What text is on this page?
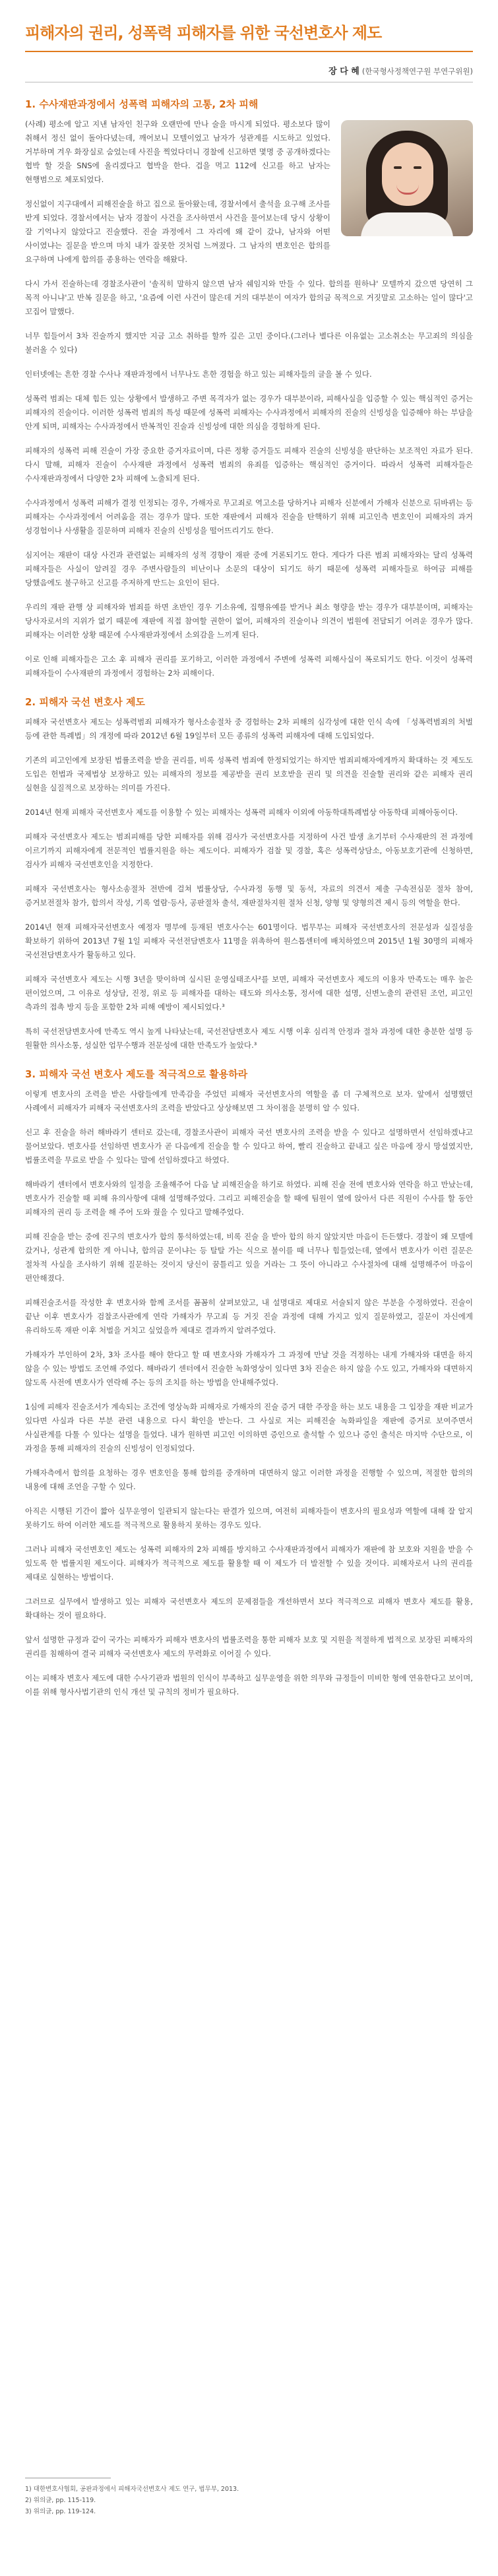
피해자의 권리, 성폭력 피해자를 위한 국선변호사 제도
장 다 혜 (한국형사정책연구원 부연구위원)
1. 수사재판과정에서 성폭력 피해자의 고통, 2차 피해

(사례) 평소에 알고 지낸 남자인 친구와 오랜만에 만나 술을 마시게 되었다. 평소보다 많이 취해서 정신 없이 돌아다녔는데, 깨어보니 모텔이었고 남자가 성관계를 시도하고 있었다. 거부하며 겨우 화장실로 숨었는데 사진을 찍었다더니 경찰에 신고하면 몇명 중 공개하겠다는 협박 할 것을 SNS에 올리겠다고 협박을 한다. 겁을 먹고 112에 신고를 하고 남자는 현행범으로 체포되었다.

정신없이 지구대에서 피해진술을 하고 집으로 돌아왔는데, 경찰서에서 출석을 요구해 조사를 받게 되었다. 경찰서에서는 남자 경찰이 사건을 조사하면서 사건을 물어보는데 당시 상황이 잘 기억나지 않았다고 진술했다. 진술 과정에서 그 자리에 왜 같이 갔냐, 남자와 어떤 사이였냐는 질문을 받으며 마치 내가 잘못한 것처럼 느껴졌다. 그 남자의 변호인은 합의를 요구하며 나에게 합의를 종용하는 연락을 해왔다.

다시 가서 진술하는데 경찰조사관이 '솔직히 말하지 않으면 남자 쉐임지와 만들 수 있다. 합의를 원하냐' 모텔까지 갔으면 당연히 그 목적 아니냐'고 반복 질문을 하고, '요즘에 이런 사건이 많은데 거의 대부분이 여자가 합의금 목적으로 거짓말로 고소하는 일이 많다'고 꼬집어 말했다.

너무 힘들어서 3차 진술까지 했지만 지금 고소 취하를 할까 깊은 고민 중이다.(그러나 별다른 이유없는 고소취소는 무고죄의 의심을 불러올 수 있다)

인터넷에는 흔한 경찰 수사나 재판과정에서 너무나도 흔한 경험을 하고 있는 피해자들의 글을 볼 수 있다.

성폭력 범죄는 대체 힘든 있는 상황에서 발생하고 주변 목격자가 없는 경우가 대부분이라, 피해사실을 입증할 수 있는 핵심적인 증거는 피해자의 진술이다. 이러한 성폭력 범죄의 특성 때문에 성폭력 피해자는 수사과정에서 피해자의 진술의 신빙성을 입증해야 하는 부담을 안게 되며, 피해자는 수사과정에서 반복적인 진술과 신빙성에 대한 의심을 경험하게 된다.

피해자의 성폭력 피해 진술이 가장 중요한 증거자료이며, 다른 정황 증거들도 피해자 진술의 신빙성을 판단하는 보조적인 자료가 된다. 다시 말해, 피해자 진술이 수사재판 과정에서 성폭력 범죄의 유죄를 입증하는 핵심적인 증거이다. 따라서 성폭력 피해자들은 수사재판과정에서 다양한 2차 피해에 노출되게 된다.

수사과정에서 성폭력 피해가 결정 인정되는 경우, 가해자로 무고죄로 역고소를 당하거나 피해자 신분에서 가해자 신분으로 뒤바뀌는 등 피해자는 수사과정에서 어려움을 겪는 경우가 많다. 또한 재판에서 피해자 진술을 탄핵하기 위해 피고인측 변호인이 피해자의 과거 성경험이나 사생활을 질문하며 피해자 진술의 신빙성을 떨어뜨리기도 한다.

심지어는 재판이 대상 사건과 관련없는 피해자의 성적 경향이 재판 중에 거론되기도 한다. 게다가 다른 범죄 피해자와는 달리 성폭력 피해자들은 사실이 알려질 경우 주변사람들의 비난이나 소문의 대상이 되기도 하기 때문에 성폭력 피해자들로 하여금 피해를 당했음에도 불구하고 신고를 주저하게 만드는 요인이 된다.

우리의 재판 관행 상 피해자와 범죄를 하면 초반인 경우 기소유예, 집행유예를 받거나 최소 형량을 받는 경우가 대부분이며, 피해자는 당사자로서의 지위가 없기 때문에 재판에 직접 참여할 권한이 없어, 피해자의 진술이나 의견이 법원에 전달되기 어려운 경우가 많다. 피해자는 이러한 상황 때문에 수사재판과정에서 소외감을 느끼게 된다.

이로 인해 피해자들은 고소 후 피해자 권리를 포기하고, 이러한 과정에서 주변에 성폭력 피해사실이 폭로되기도 한다. 이것이 성폭력 피해자들이 수사재판의 과정에서 경험하는 2차 피해이다.

2. 피해자 국선 변호사 제도

피해자 국선변호사 제도는 성폭력범죄 피해자가 형사소송절차 중 경험하는 2차 피해의 심각성에 대한 인식 속에 「성폭력범죄의 처벌 등에 관한 특례법」의 개정에 따라 2012년 6월 19일부터 모든 종류의 성폭력 피해자에 대해 도입되었다.

기존의 피고인에게 보장된 법률조력을 받을 권리를, 비록 성폭력 범죄에 한정되었기는 하지만 범죄피해자에게까지 확대하는 것 제도도 도입은 헌법과 국제법상 보장하고 있는 피해자의 정보를 제공받을 권리 보호받을 권리 및 의견을 진술할 권리와 같은 피해자 권리 실현을 실질적으로 보장하는 의미를 가진다.

2014년 현재 피해자 국선변호사 제도를 이용할 수 있는 피해자는 성폭력 피해자 이외에 아동학대특례법상 아동학대 피해아동이다.

피해자 국선변호사 제도는 범죄피해를 당한 피해자를 위해 검사가 국선변호사를 지정하여 사건 발생 초기부터 수사재판의 전 과정에 이르기까지 피해자에게 전문적인 법률지원을 하는 제도이다. 피해자가 검찰 및 경찰, 혹은 성폭력상담소, 아동보호기관에 신청하면, 검사가 피해자 국선변호인을 지정한다.

피해자 국선변호사는 형사소송절차 전반에 걸쳐 법률상담, 수사과정 동행 및 동석, 자료의 의견서 제출 구속전심문 절차 참여, 증거보전절차 참가, 합의서 작성, 기록 열람·등사, 공판절차 출석, 재판절차지원 절차 신청, 양형 및 양형의견 제시 등의 역할을 한다.

2014년 현재 피해자국선변호사 예정자 명부에 등재된 변호사수는 601명이다. 법무부는 피해자 국선변호사의 전문성과 실질성을 확보하기 위하여 2013년 7월 1일 피해자 국선전담변호사 11명을 위촉하여 원스톱센터에 배치하였으며 2015년 1월 30명의 피해자 국선전담변호사가 활동하고 있다.

피해자 국선변호사 제도는 시행 3년을 맞이하며 실시된 운영실태조사²를 보면, 피해자 국선변호사 제도의 이용자 만족도는 매우 높은 편이었으며, 그 이유로 성상담, 진정, 위로 등 피해자를 대하는 태도와 의사소통, 정서에 대한 설명, 신변노출의 관련된 조언, 피고인 측과의 접촉 방지 등을 포함한 2차 피해 예방이 제시되었다.³

특히 국선전담변호사에 만족도 역시 높게 나타났는데, 국선전담변호사 제도 시행 이후 심리적 안정과 절차 과정에 대한 충분한 설명 등 원활한 의사소통, 성실한 업무수행과 전문성에 대한 만족도가 높았다.³

3. 피해자 국선 변호사 제도를 적극적으로 활용하라

이렇게 변호사의 조력을 받은 사람들에게 만족감을 주었던 피해자 국선변호사의 역할을 좀 더 구체적으로 보자. 앞에서 설명했던 사례에서 피해자가 피해자 국선변호사의 조력을 받았다고 상상해보면 그 차이점을 분명히 알 수 있다.

신고 후 진술을 하러 해바라기 센터로 갔는데, 경찰조사관이 피해자 국선 변호사의 조력을 받을 수 있다고 설명하면서 선임하겠냐고 물어보았다. 변호사를 선임하면 변호사가 곧 다음에게 진술을 할 수 있다고 하여, 빨리 진술하고 끝내고 싶은 마음에 장시 망설였지만, 법률조력을 무료로 받을 수 있다는 말에 선임하겠다고 하였다.

해바라기 센터에서 변호사와의 일정을 조율해주어 다음 날 피해진술을 하기로 하였다. 피해 진술 전에 변호사와 연락을 하고 만났는데, 변호사가 진술할 때 피해 유의사항에 대해 설명해주었다. 그리고 피해진술을 할 때에 팀원이 옆에 앉아서 다른 직원이 수사를 할 동안 피해자의 권리 등 조력을 해 주어 도와 줬을 수 있다고 말해주었다.

피해 진술을 받는 중에 진구의 변호사가 합의 통석하였는데, 비록 진술 을 받아 합의 하지 않았지만 마음이 든든했다. 경찰이 왜 모텔에 갔거나, 성관계 합의한 게 아니냐, 합의금 문이냐는 등 탈탈 가는 식으로 불이를 때 너무나 힘들었는데, 옆에서 변호사가 이런 질문은 절차적 사실을 조사하기 위해 질문하는 것이지 당신이 꿈틀리고 있을 거라는 그 뜻이 아니라고 수사절차에 대해 설명해주어 마음이 편안해졌다.

피해진술조서를 작성한 후 변호사와 함께 조서를 꼼꼼히 살펴보았고, 내 설명대로 제대로 서술되지 않은 부분을 수정하였다. 진술이 끝난 이후 변호사가 검찰조사관에게 연락 가해자가 무고죄 등 거짓 진술 과정에 대해 가지고 있지 질문하였고, 질문이 자신에게 유리하도록 재판 이후 처벌을 거치고 싶었을까 제대로 결과까지 알려주었다.

가해자가 부인하여 2차, 3차 조사를 해야 한다고 할 때 변호사와 가해자가 그 과정에 만날 것을 걱정하는 내게 가해자와 대면을 하지 않을 수 있는 방법도 조언해 주었다. 해바라기 센터에서 진술한 녹화영상이 있다면 3차 진술은 하지 않을 수도 있고, 가해자와 대면하지 않도록 사전에 변호사가 연락해 주는 등의 조치를 하는 방법을 안내해주었다.

1심에 피해자 진술조서가 계속되는 조건에 영상녹화 피해자로 가해자의 진술 증거 대한 주장을 하는 보도 내용을 그 입장을 재판 비교가 있다면 사실과 다른 부분 관련 내용으로 다시 확인을 받는다. 그 사실로 저는 피해진술 녹화파일을 재판에 증거로 보여주면서 사실관계를 다툴 수 있다는 설명을 들었다. 내가 원하면 피고인 이의하면 증인으로 출석할 수 있으나 증인 출석은 마지막 수단으로, 이 과정을 통해 피해자의 진술의 신빙성이 인정되었다.

가해자측에서 합의를 요청하는 경우 변호인을 통해 합의를 중개하며 대면하지 않고 이러한 과정을 진행할 수 있으며, 적절한 합의의 내용에 대해 조언을 구할 수 있다.

아직은 시행된 기간이 짧아 실무운영이 일관되지 않는다는 판결가 있으며, 여전히 피해자들이 변호사의 필요성과 역할에 대해 잘 알지 못하기도 하여 이러한 제도를 적극적으로 활용하지 못하는 경우도 있다.

그러나 피해자 국선변호인 제도는 성폭력 피해자의 2차 피해를 방지하고 수사재판과정에서 피해자가 재판에 참 보호와 지원을 받을 수 있도록 한 법률지원 제도이다. 피해자가 적극적으로 제도를 활용할 때 이 제도가 더 발전할 수 있을 것이다. 피해자로서 나의 권리를 제대로 실현하는 방법이다.

그러므로 실무에서 발생하고 있는 피해자 국선변호사 제도의 문제점들을 개선하면서 보다 적극적으로 피해자 변호사 제도를 활용, 확대하는 것이 필요하다.

앞서 설명한 규정과 같이 국가는 피해자가 피해자 변호사의 법률조력을 통한 피해자 보호 및 지원을 적절하게 법적으로 보장된 피해자의 권리를 침해하여 결국 피해자 국선변호사 제도의 무력화로 이어질 수 있다.

이는 피해자 변호사 제도에 대한 수사기관과 법원의 인식이 부족하고 실무운영을 위한 의무와 규정들이 미비한 형에 연유한다고 보이며, 이를 위해 형사사법기관의 인식 개선 및 규칙의 정비가 필요하다.

1) 대한변호사협회, 공판과정에서 피해자국선변호사 제도 연구, 법무부, 2013.
2) 위의글, pp. 115-119.
3) 위의글, pp. 119-124.
